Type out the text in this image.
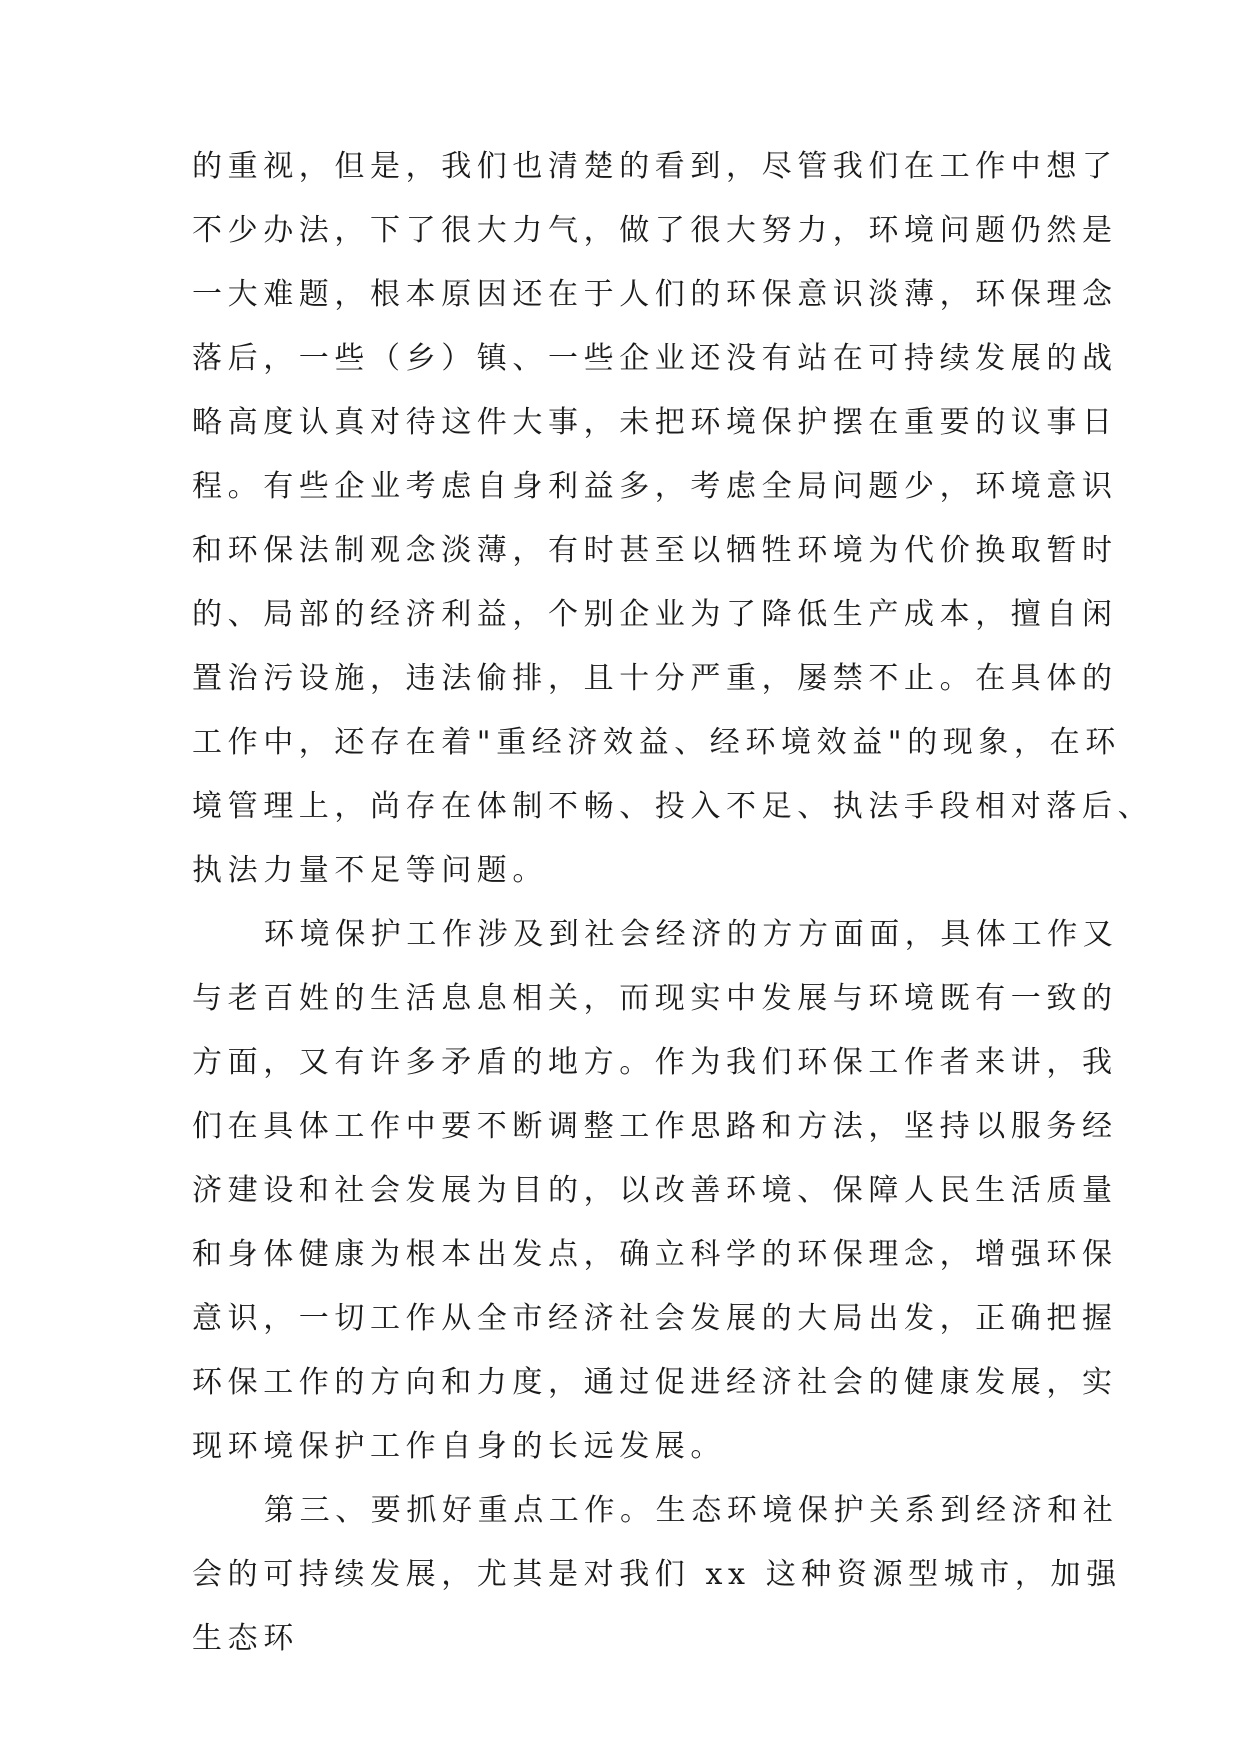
的重视，但是，我们也清楚的看到，尽管我们在工作中想了
不少办法，下了很大力气，做了很大努力，环境问题仍然是
一大难题，根本原因还在于人们的环保意识淡薄，环保理念
落后，一些（乡）镇、一些企业还没有站在可持续发展的战
略高度认真对待这件大事，未把环境保护摆在重要的议事日
程。有些企业考虑自身利益多，考虑全局问题少，环境意识
和环保法制观念淡薄，有时甚至以牺牲环境为代价换取暂时
的、局部的经济利益，个别企业为了降低生产成本，擅自闲
置治污设施，违法偷排，且十分严重，屡禁不止。在具体的
工作中，还存在着"重经济效益、经环境效益"的现象，在环
境管理上，尚存在体制不畅、投入不足、执法手段相对落后、
执法力量不足等问题。
环境保护工作涉及到社会经济的方方面面，具体工作又
与老百姓的生活息息相关，而现实中发展与环境既有一致的
方面，又有许多矛盾的地方。作为我们环保工作者来讲，我
们在具体工作中要不断调整工作思路和方法，坚持以服务经
济建设和社会发展为目的，以改善环境、保障人民生活质量
和身体健康为根本出发点，确立科学的环保理念，增强环保
意识，一切工作从全市经济社会发展的大局出发，正确把握
环保工作的方向和力度，通过促进经济社会的健康发展，实
现环境保护工作自身的长远发展。
第三、要抓好重点工作。生态环境保护关系到经济和社
会的可持续发展，尤其是对我们 xx 这种资源型城市，加强
生态环
